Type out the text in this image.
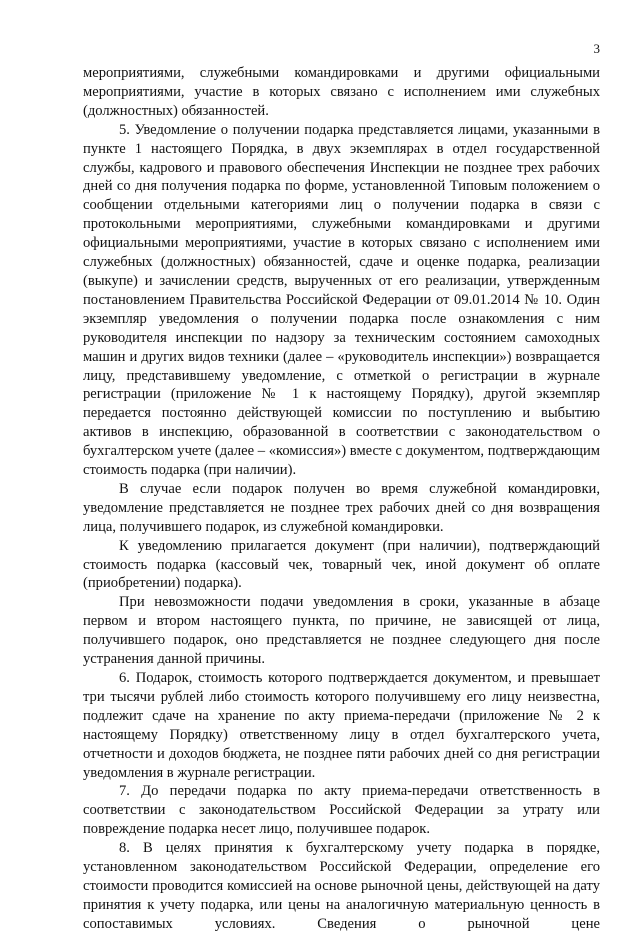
3

мероприятиями, служебными командировками и другими официальными мероприятиями, участие в которых связано с исполнением ими служебных (должностных) обязанностей.

5. Уведомление о получении подарка представляется лицами, указанными в пункте 1 настоящего Порядка, в двух экземплярах в отдел государственной службы, кадрового и правового обеспечения Инспекции не позднее трех рабочих дней со дня получения подарка по форме, установленной Типовым положением о сообщении отдельными категориями лиц о получении подарка в связи с протокольными мероприятиями, служебными командировками и другими официальными мероприятиями, участие в которых связано с исполнением ими служебных (должностных) обязанностей, сдаче и оценке подарка, реализации (выкупе) и зачислении средств, вырученных от его реализации, утвержденным постановлением Правительства Российской Федерации от 09.01.2014 № 10. Один экземпляр уведомления о получении подарка после ознакомления с ним руководителя инспекции по надзору за техническим состоянием самоходных машин и других видов техники (далее – «руководитель инспекции») возвращается лицу, представившему уведомление, с отметкой о регистрации в журнале регистрации (приложение № 1 к настоящему Порядку), другой экземпляр передается постоянно действующей комиссии по поступлению и выбытию активов в инспекцию, образованной в соответствии с законодательством о бухгалтерском учете (далее – «комиссия») вместе с документом, подтверждающим стоимость подарка (при наличии).

В случае если подарок получен во время служебной командировки, уведомление представляется не позднее трех рабочих дней со дня возвращения лица, получившего подарок, из служебной командировки.

К уведомлению прилагается документ (при наличии), подтверждающий стоимость подарка (кассовый чек, товарный чек, иной документ об оплате (приобретении) подарка).

При невозможности подачи уведомления в сроки, указанные в абзаце первом и втором настоящего пункта, по причине, не зависящей от лица, получившего подарок, оно представляется не позднее следующего дня после устранения данной причины.

6. Подарок, стоимость которого подтверждается документом, и превышает три тысячи рублей либо стоимость которого получившему его лицу неизвестна, подлежит сдаче на хранение по акту приема-передачи (приложение № 2 к настоящему Порядку) ответственному лицу в отдел бухгалтерского учета, отчетности и доходов бюджета, не позднее пяти рабочих дней со дня регистрации уведомления в журнале регистрации.

7. До передачи подарка по акту приема-передачи ответственность в соответствии с законодательством Российской Федерации за утрату или повреждение подарка несет лицо, получившее подарок.

8. В целях принятия к бухгалтерскому учету подарка в порядке, установленном законодательством Российской Федерации, определение его стоимости проводится комиссией на основе рыночной цены, действующей на дату принятия к учету подарка, или цены на аналогичную материальную ценность в сопоставимых условиях. Сведения о рыночной цене
